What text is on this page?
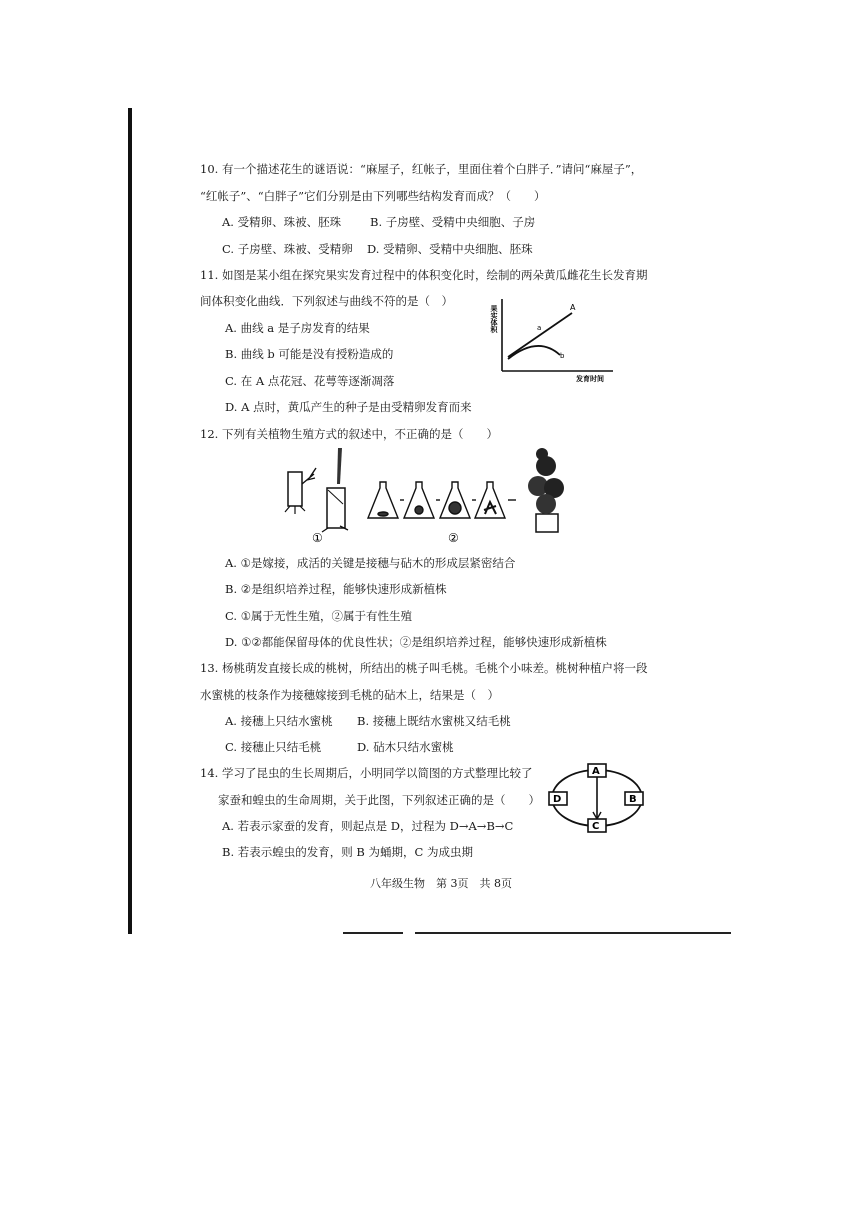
10. 有一个描述花生的谜语说：“麻屋子，红帐子，里面住着个白胖子．”请问“麻屋子”，
“红帐子”、“白胖子”它们分别是由下列哪些结构发育而成？（　　）
A. 受精卵、珠被、胚珠	B. 子房壁、受精中央细胞、子房
C. 子房壁、珠被、受精卵 D. 受精卵、受精中央细胞、胚珠
11. 如图是某小组在探究果实发育过程中的体积变化时，绘制的两朵黄瓜雌花生长发育期
间体积变化曲线．下列叙述与曲线不符的是（　）
A. 曲线 a 是子房发育的结果
B. 曲线 b 可能是没有授粉造成的
C. 在 A 点花冠、花萼等逐渐凋落
D. A 点时，黄瓜产生的种子是由受精卵发育而来
果实体积
发育时间
A
a
b
12. 下列有关植物生殖方式的叙述中，不正确的是（　　）
①	②
A. ①是嫁接，成活的关键是接穗与砧木的形成层紧密结合
B. ②是组织培养过程，能够快速形成新植株
C. ①属于无性生殖，②属于有性生殖
D. ①②都能保留母体的优良性状；②是组织培养过程，能够快速形成新植株
13. 杨桃萌发直接长成的桃树，所结出的桃子叫毛桃。毛桃个小味差。桃树种植户将一段
水蜜桃的枝条作为接穗嫁接到毛桃的砧木上，结果是（　）
A. 接穗上只结水蜜桃 B. 接穗上既结水蜜桃又结毛桃
C. 接穗止只结毛桃	D. 砧木只结水蜜桃
14. 学习了昆虫的生长周期后，小明同学以简图的方式整理比较了
家蚕和蝗虫的生命周期，关于此图，下列叙述正确的是（　　）
A. 若表示家蚕的发育，则起点是 D，过程为 D→A→B→C
B. 若表示蝗虫的发育，则 B 为蛹期，C 为成虫期
A
B
C
D
八年级生物　第 3页　共 8页
